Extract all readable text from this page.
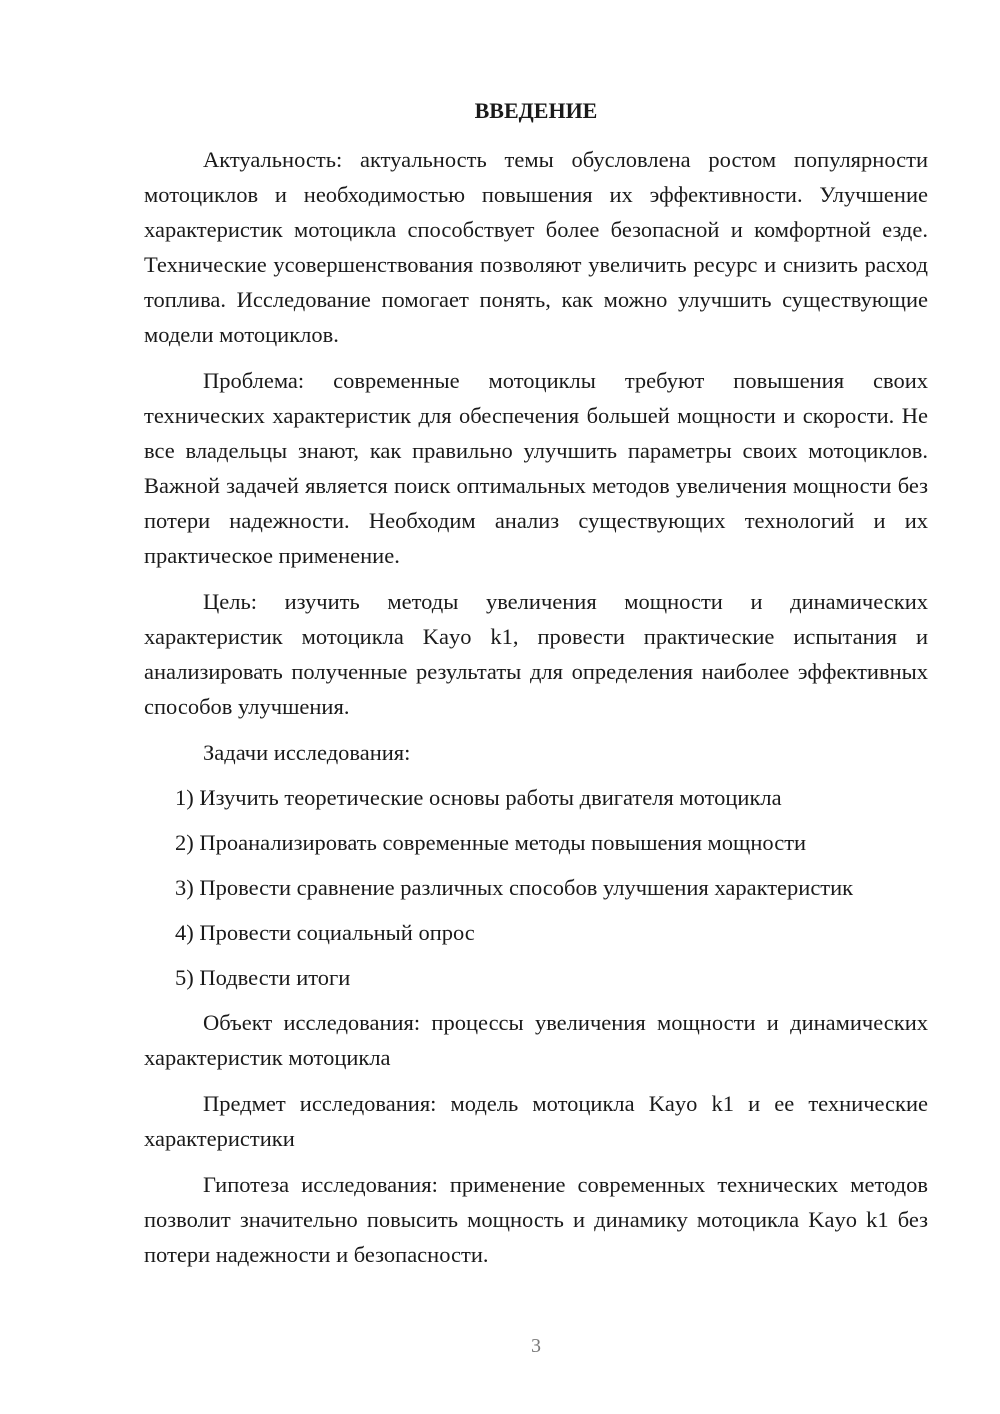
ВВЕДЕНИЕ

Актуальность: актуальность темы обусловлена ростом популярности мотоциклов и необходимостью повышения их эффективности. Улучшение характеристик мотоцикла способствует более безопасной и комфортной езде. Технические усовершенствования позволяют увеличить ресурс и снизить расход топлива. Исследование помогает понять, как можно улучшить существующие модели мотоциклов.

Проблема: современные мотоциклы требуют повышения своих технических характеристик для обеспечения большей мощности и скорости. Не все владельцы знают, как правильно улучшить параметры своих мотоциклов. Важной задачей является поиск оптимальных методов увеличения мощности без потери надежности. Необходим анализ существующих технологий и их практическое применение.

Цель: изучить методы увеличения мощности и динамических характеристик мотоцикла Kayo k1, провести практические испытания и анализировать полученные результаты для определения наиболее эффективных способов улучшения.

Задачи исследования:

1) Изучить теоретические основы работы двигателя мотоцикла
2) Проанализировать современные методы повышения мощности
3) Провести сравнение различных способов улучшения характеристик
4) Провести социальный опрос
5) Подвести итоги

Объект исследования: процессы увеличения мощности и динамических характеристик мотоцикла

Предмет исследования: модель мотоцикла Kayo k1 и ее технические характеристики

Гипотеза исследования: применение современных технических методов позволит значительно повысить мощность и динамику мотоцикла Kayo k1 без потери надежности и безопасности.

3
